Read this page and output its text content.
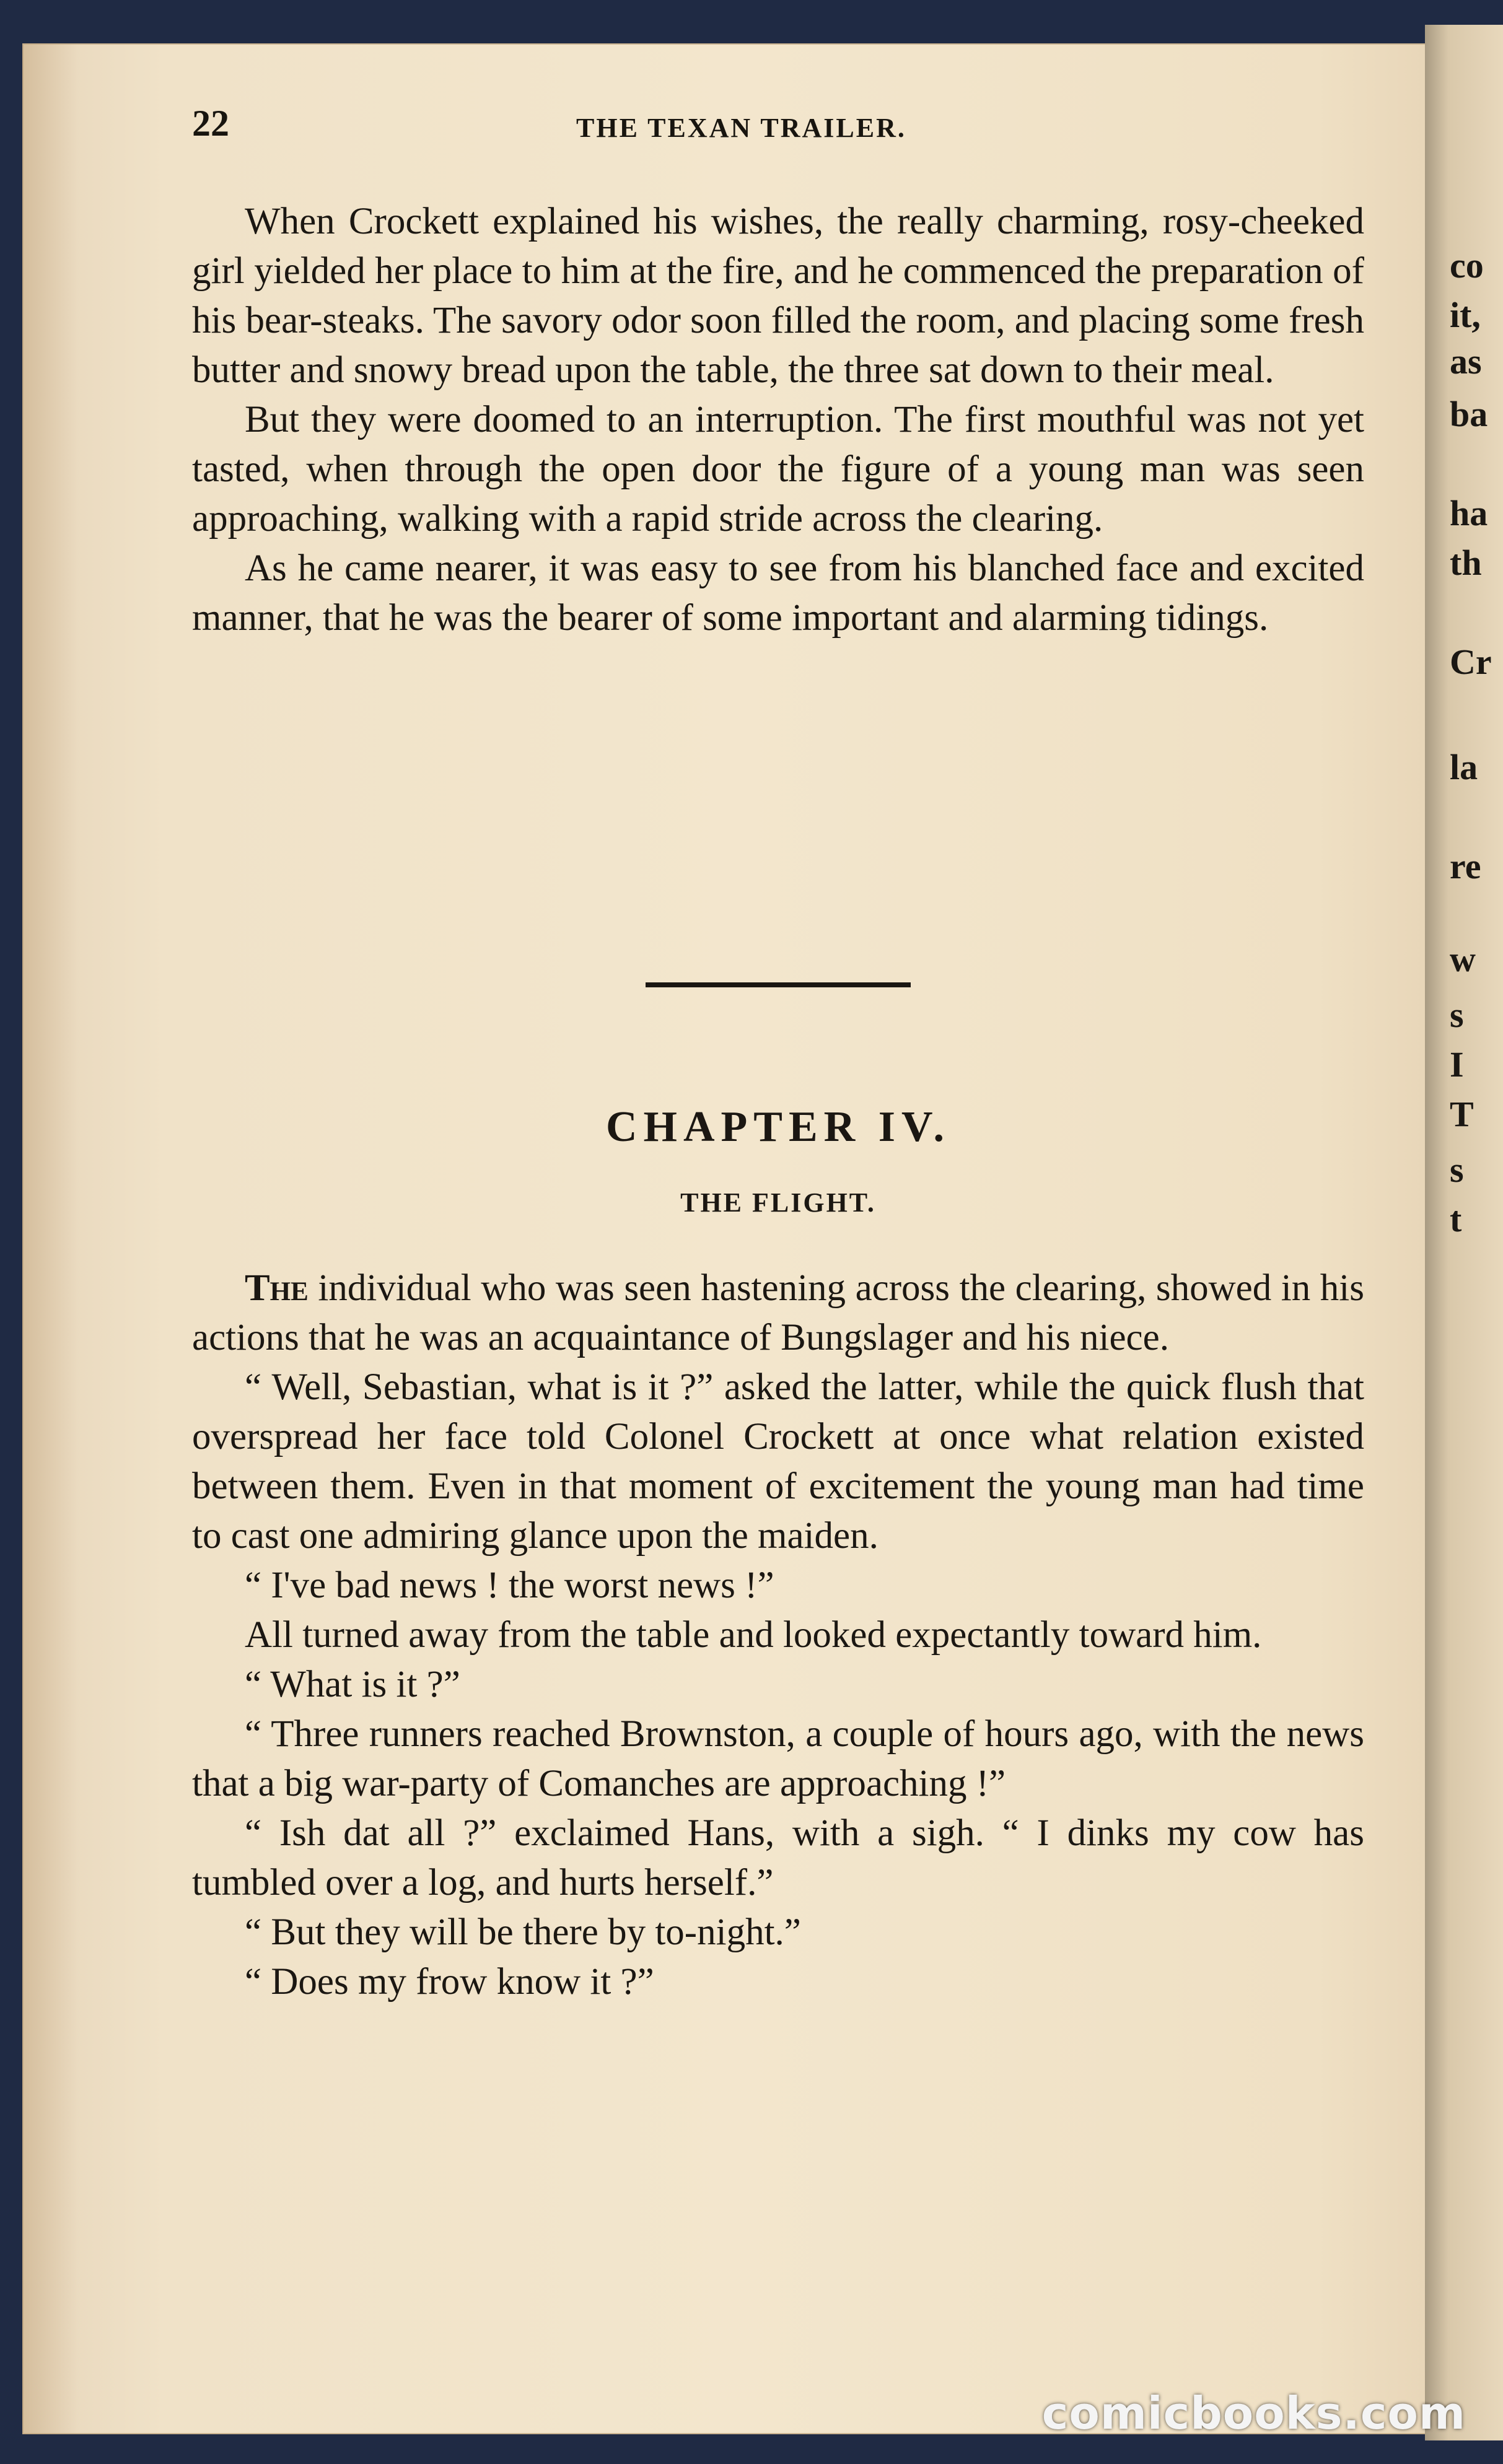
co
it,
as
ba
ha
th
Cr
la
re
w
s
I
T
s
t
22	THE TEXAN TRAILER.

When Crockett explained his wishes, the really charming, rosy-cheeked girl yielded her place to him at the fire, and he commenced the preparation of his bear-steaks. The savory odor soon filled the room, and placing some fresh butter and snowy bread upon the table, the three sat down to their meal.

But they were doomed to an interruption. The first mouthful was not yet tasted, when through the open door the figure of a young man was seen approaching, walking with a rapid stride across the clearing.

As he came nearer, it was easy to see from his blanched face and excited manner, that he was the bearer of some important and alarming tidings.

CHAPTER IV.
THE FLIGHT.

The individual who was seen hastening across the clearing, showed in his actions that he was an acquaintance of Bungslager and his niece.

“ Well, Sebastian, what is it ?” asked the latter, while the quick flush that overspread her face told Colonel Crockett at once what relation existed between them. Even in that moment of excitement the young man had time to cast one admiring glance upon the maiden.

“ I've bad news ! the worst news !”

All turned away from the table and looked expectantly toward him.

“ What is it ?”

“ Three runners reached Brownston, a couple of hours ago, with the news that a big war-party of Comanches are approaching !”

“ Ish dat all ?” exclaimed Hans, with a sigh. “ I dinks my cow has tumbled over a log, and hurts herself.”

“ But they will be there by to-night.”

“ Does my frow know it ?”

comicbooks.com
